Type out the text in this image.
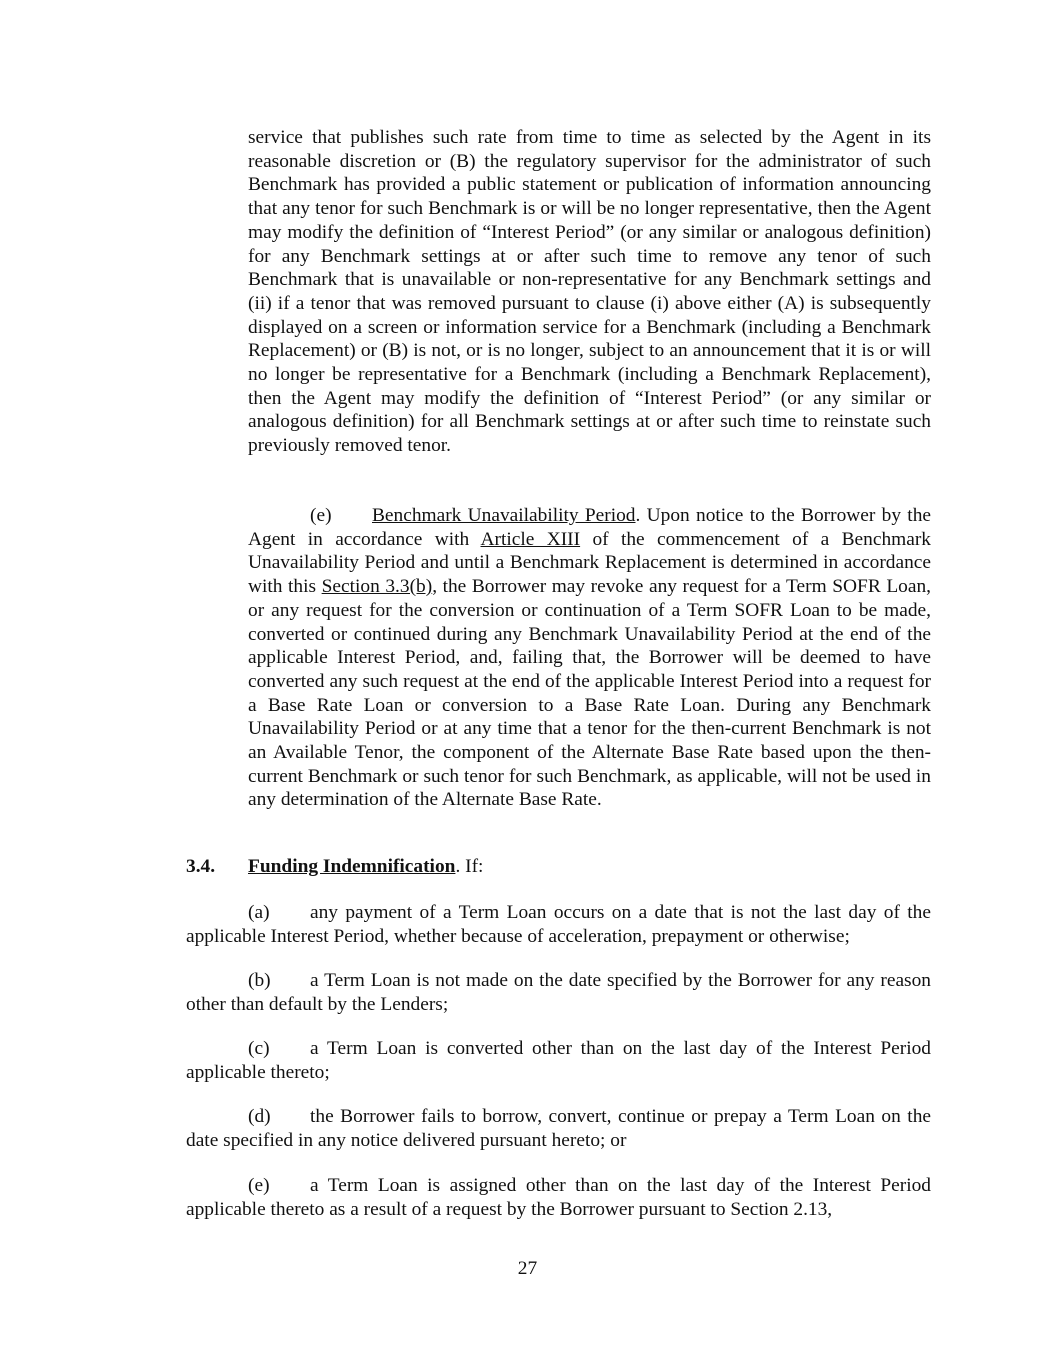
service that publishes such rate from time to time as selected by the Agent in its reasonable discretion or (B) the regulatory supervisor for the administrator of such Benchmark has provided a public statement or publication of information announcing that any tenor for such Benchmark is or will be no longer representative, then the Agent may modify the definition of “Interest Period” (or any similar or analogous definition) for any Benchmark settings at or after such time to remove any tenor of such Benchmark that is unavailable or non-representative for any Benchmark settings and (ii) if a tenor that was removed pursuant to clause (i) above either (A) is subsequently displayed on a screen or information service for a Benchmark (including a Benchmark Replacement) or (B) is not, or is no longer, subject to an announcement that it is or will no longer be representative for a Benchmark (including a Benchmark Replacement), then the Agent may modify the definition of “Interest Period” (or any similar or analogous definition) for all Benchmark settings at or after such time to reinstate such previously removed tenor.

(e) Benchmark Unavailability Period. Upon notice to the Borrower by the Agent in accordance with Article XIII of the commencement of a Benchmark Unavailability Period and until a Benchmark Replacement is determined in accordance with this Section 3.3(b), the Borrower may revoke any request for a Term SOFR Loan, or any request for the conversion or continuation of a Term SOFR Loan to be made, converted or continued during any Benchmark Unavailability Period at the end of the applicable Interest Period, and, failing that, the Borrower will be deemed to have converted any such request at the end of the applicable Interest Period into a request for a Base Rate Loan or conversion to a Base Rate Loan. During any Benchmark Unavailability Period or at any time that a tenor for the then-current Benchmark is not an Available Tenor, the component of the Alternate Base Rate based upon the then-current Benchmark or such tenor for such Benchmark, as applicable, will not be used in any determination of the Alternate Base Rate.

3.4. Funding Indemnification. If:

(a) any payment of a Term Loan occurs on a date that is not the last day of the applicable Interest Period, whether because of acceleration, prepayment or otherwise;

(b) a Term Loan is not made on the date specified by the Borrower for any reason other than default by the Lenders;

(c) a Term Loan is converted other than on the last day of the Interest Period applicable thereto;

(d) the Borrower fails to borrow, convert, continue or prepay a Term Loan on the date specified in any notice delivered pursuant hereto; or

(e) a Term Loan is assigned other than on the last day of the Interest Period applicable thereto as a result of a request by the Borrower pursuant to Section 2.13,

27
